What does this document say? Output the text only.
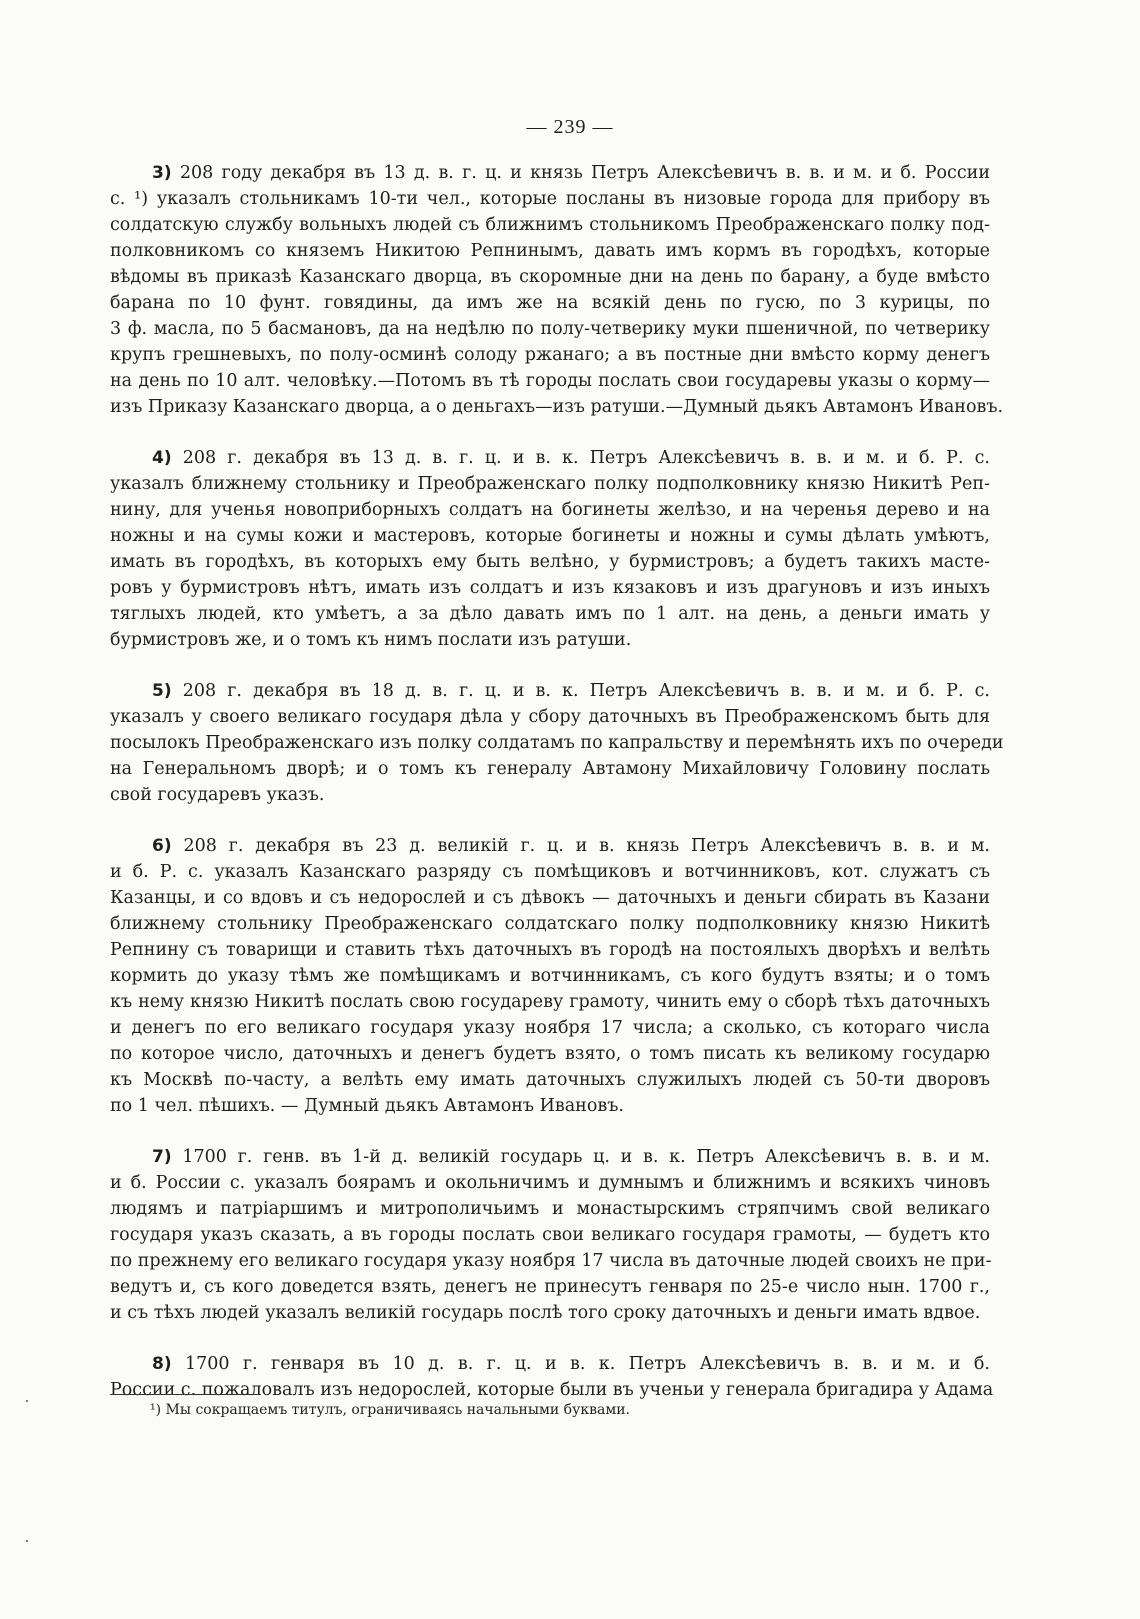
— 239 —
3) 208 году декабря въ 13 д. в. г. ц. и князь Петръ Алексѣевичъ в. в. и м. и б. России
с. ¹) указалъ стольникамъ 10-ти чел., которые посланы въ низовые города для прибору въ
солдатскую службу вольныхъ людей съ ближнимъ стольникомъ Преображенскаго полку под-
полковникомъ со княземъ Никитою Репнинымъ, давать имъ кормъ въ городѣхъ, которые
вѣдомы въ приказѣ Казанскаго дворца, въ скоромные дни на день по барану, а буде вмѣсто
барана по 10 фунт. говядины, да имъ же на всякій день по гусю, по 3 курицы, по
3 ф. масла, по 5 басмановъ, да на недѣлю по полу-четверику муки пшеничной, по четверику
крупъ грешневыхъ, по полу-осминѣ солоду ржанаго; а въ постные дни вмѣсто корму денегъ
на день по 10 алт. человѣку.—Потомъ въ тѣ городы послать свои государевы указы о корму—
изъ Приказу Казанскаго дворца, а о деньгахъ—изъ ратуши.—Думный дьякъ Автамонъ Ивановъ.
4) 208 г. декабря въ 13 д. в. г. ц. и в. к. Петръ Алексѣевичъ в. в. и м. и б. Р. с.
указалъ ближнему стольнику и Преображенскаго полку подполковнику князю Никитѣ Реп-
нину, для ученья новоприборныхъ солдатъ на богинеты желѣзо, и на черенья дерево и на
ножны и на сумы кожи и мастеровъ, которые богинеты и ножны и сумы дѣлать умѣютъ,
имать въ городѣхъ, въ которыхъ ему быть велѣно, у бурмистровъ; а будетъ такихъ масте-
ровъ у бурмистровъ нѣтъ, имать изъ солдатъ и изъ кязаковъ и изъ драгуновъ и изъ иныхъ
тяглыхъ людей, кто умѣетъ, а за дѣло давать имъ по 1 алт. на день, а деньги имать у
бурмистровъ же, и о томъ къ нимъ послати изъ ратуши.
5) 208 г. декабря въ 18 д. в. г. ц. и в. к. Петръ Алексѣевичъ в. в. и м. и б. Р. с.
указалъ у своего великаго государя дѣла у сбору даточныхъ въ Преображенскомъ быть для
посылокъ Преображенскаго изъ полку солдатамъ по капральству и перемѣнять ихъ по очереди
на Генеральномъ дворѣ; и о томъ къ генералу Автамону Михайловичу Головину послать
свой государевъ указъ.
6) 208 г. декабря въ 23 д. великій г. ц. и в. князь Петръ Алексѣевичъ в. в. и м.
и б. Р. с. указалъ Казанскаго разряду съ помѣщиковъ и вотчинниковъ, кот. служатъ съ
Казанцы, и со вдовъ и съ недорослей и съ дѣвокъ — даточныхъ и деньги сбирать въ Казани
ближнему стольнику Преображенскаго солдатскаго полку подполковнику князю Никитѣ
Репнину съ товарищи и ставить тѣхъ даточныхъ въ городѣ на постоялыхъ дворѣхъ и велѣть
кормить до указу тѣмъ же помѣщикамъ и вотчинникамъ, съ кого будутъ взяты; и о томъ
къ нему князю Никитѣ послать свою государеву грамоту, чинить ему о сборѣ тѣхъ даточныхъ
и денегъ по его великаго государя указу ноября 17 числа; а сколько, съ котораго числа
по которое число, даточныхъ и денегъ будетъ взято, о томъ писать къ великому государю
къ Москвѣ по-часту, а велѣть ему имать даточныхъ служилыхъ людей съ 50-ти дворовъ
по 1 чел. пѣшихъ. — Думный дьякъ Автамонъ Ивановъ.
7) 1700 г. генв. въ 1-й д. великій государь ц. и в. к. Петръ Алексѣевичъ в. в. и м.
и б. России с. указалъ боярамъ и окольничимъ и думнымъ и ближнимъ и всякихъ чиновъ
людямъ и патріаршимъ и митрополичьимъ и монастырскимъ стряпчимъ свой великаго
государя указъ сказать, а въ городы послать свои великаго государя грамоты, — будетъ кто
по прежнему его великаго государя указу ноября 17 числа въ даточные людей своихъ не при-
ведутъ и, съ кого доведется взять, денегъ не принесутъ генваря по 25-е число нын. 1700 г.,
и съ тѣхъ людей указалъ великій государь послѣ того сроку даточныхъ и деньги имать вдвое.
8) 1700 г. генваря въ 10 д. в. г. ц. и в. к. Петръ Алексѣевичъ в. в. и м. и б.
России с. пожаловалъ изъ недорослей, которые были въ ученьи у генерала бригадира у Адама
¹) Мы сокращаемъ титулъ, ограничиваясь начальными буквами.
